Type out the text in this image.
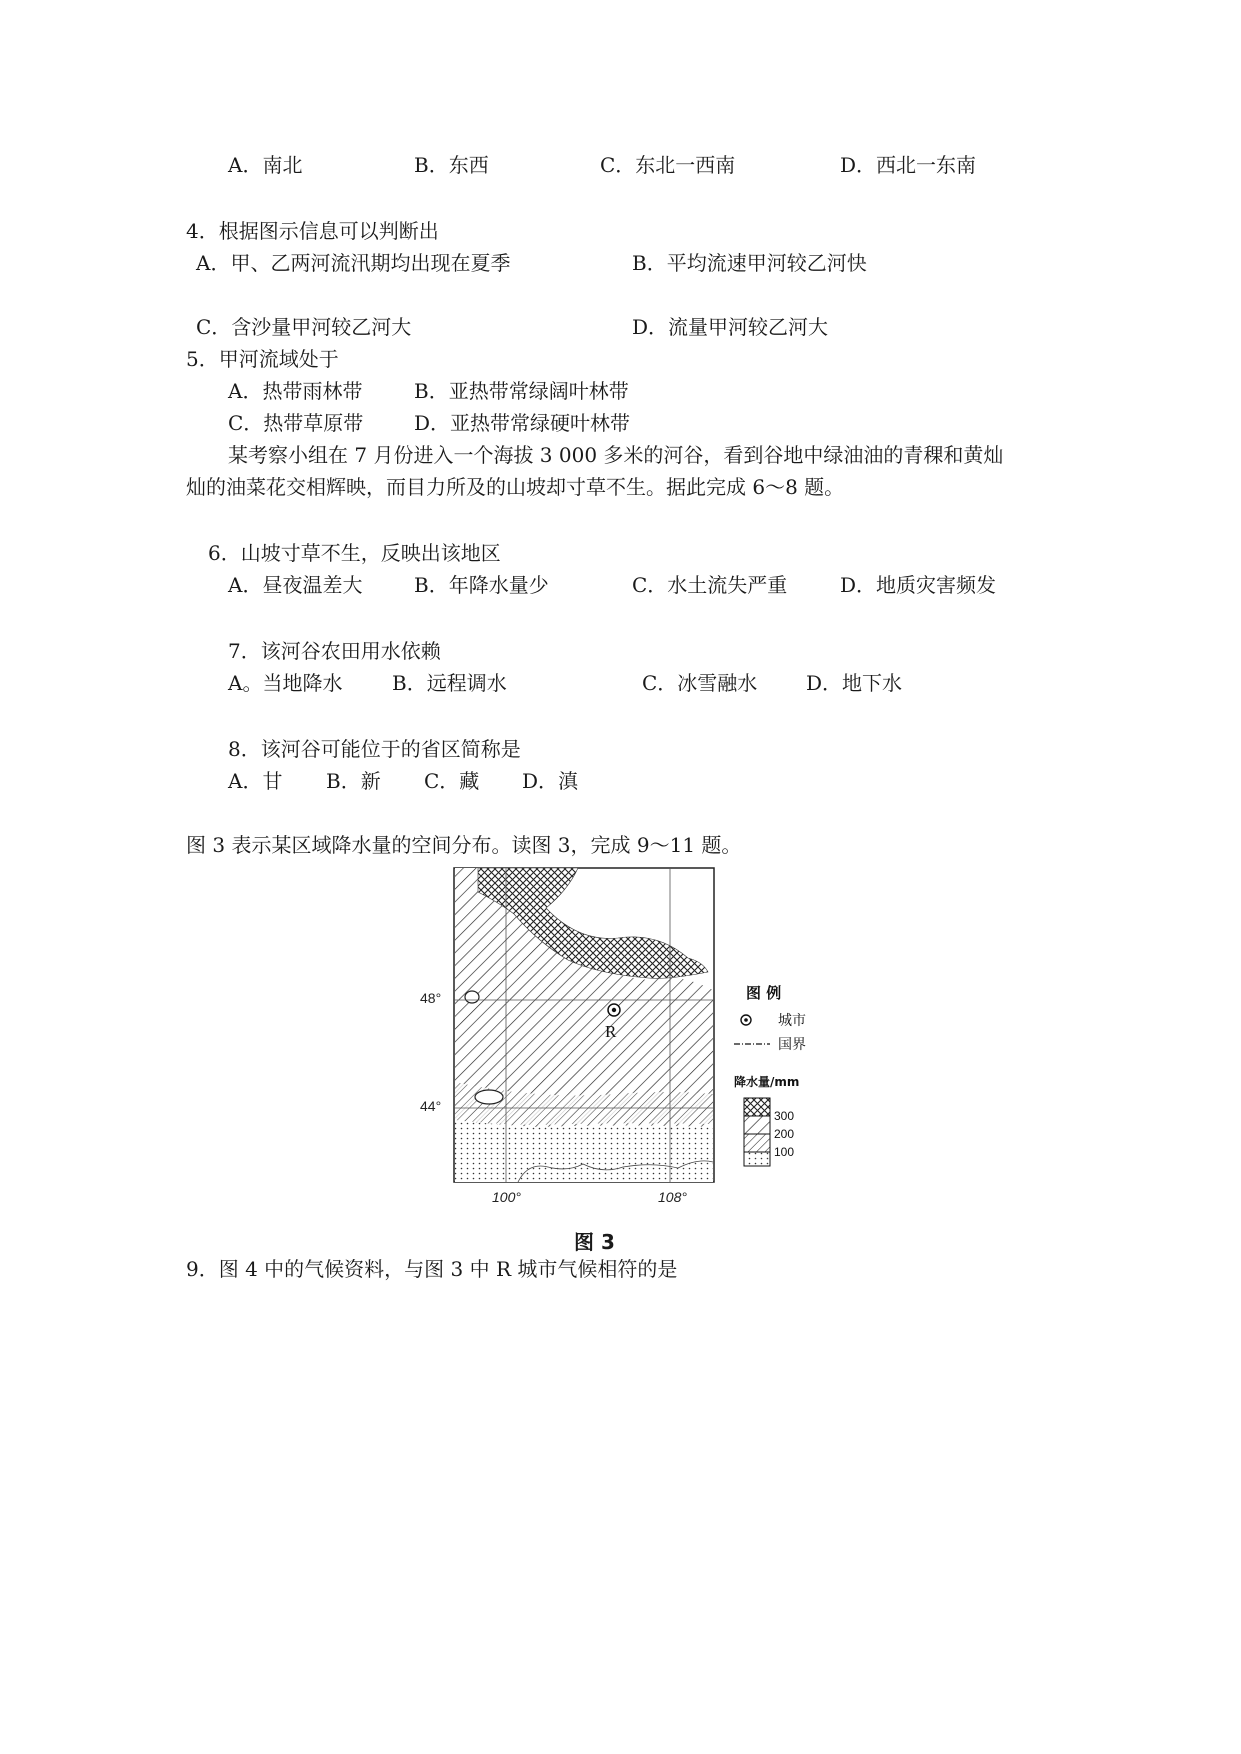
A．南北	B．东西	C．东北一西南	D．西北一东南
4．根据图示信息可以判断出
A．甲、乙两河流汛期均出现在夏季	B．平均流速甲河较乙河快
C．含沙量甲河较乙河大	D．流量甲河较乙河大
5．甲河流域处于
A．热带雨林带	B．亚热带常绿阔叶林带
C．热带草原带	D．亚热带常绿硬叶林带
某考察小组在 7 月份进入一个海拔 3 000 多米的河谷，看到谷地中绿油油的青稞和黄灿
灿的油菜花交相辉映，而目力所及的山坡却寸草不生。据此完成 6～8 题。
6．山坡寸草不生，反映出该地区
A．昼夜温差大	B．年降水量少	C．水土流失严重	D．地质灾害频发
7．该河谷农田用水依赖
A。当地降水 B．远程调水	C．冰雪融水 D．地下水
8．该河谷可能位于的省区简称是
A．甘 B．新 C．藏 D．滇
图 3 表示某区域降水量的空间分布。读图 3，完成 9～11 题。
R
48°
44°
100°	108°
图 例
城市
国界
降水量/mm
300
200
100
图 3
9．图 4 中的气候资料，与图 3 中 R 城市气候相符的是
